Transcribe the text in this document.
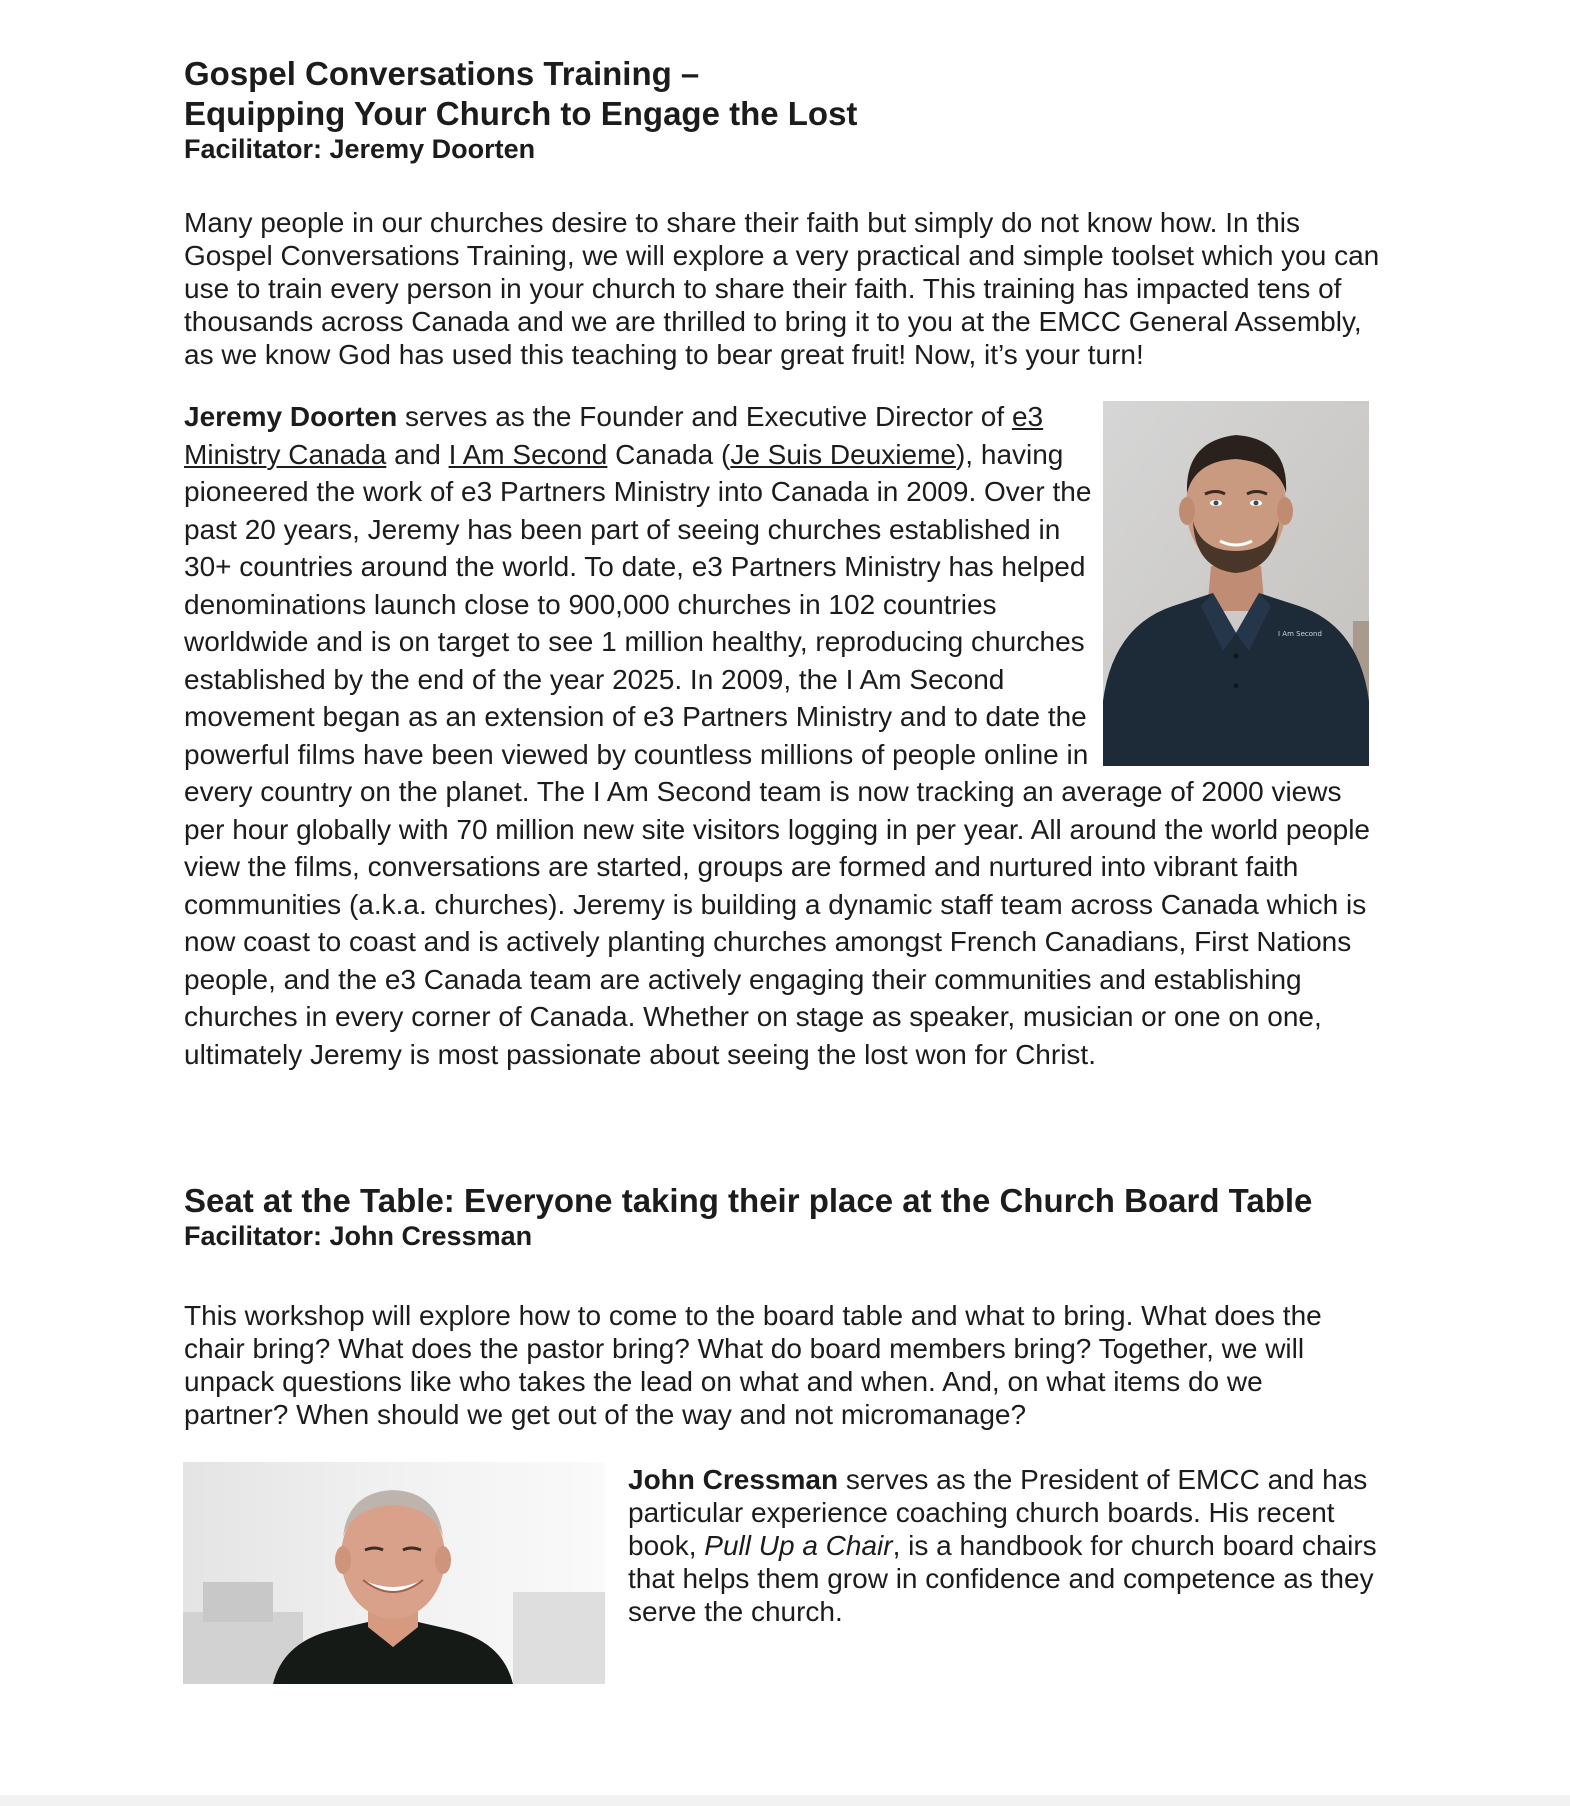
Gospel Conversations Training –
Equipping Your Church to Engage the Lost
Facilitator: Jeremy Doorten

Many people in our churches desire to share their faith but simply do not know how. In this Gospel Conversations Training, we will explore a very practical and simple toolset which you can use to train every person in your church to share their faith. This training has impacted tens of thousands across Canada and we are thrilled to bring it to you at the EMCC General Assembly, as we know God has used this teaching to bear great fruit! Now, it’s your turn!

I Am Second

Jeremy Doorten serves as the Founder and Executive Director of e3 Ministry Canada and I Am Second Canada (Je Suis Deuxieme), having pioneered the work of e3 Partners Ministry into Canada in 2009. Over the past 20 years, Jeremy has been part of seeing churches established in 30+ countries around the world. To date, e3 Partners Ministry has helped denominations launch close to 900,000 churches in 102 countries worldwide and is on target to see 1 million healthy, reproducing churches established by the end of the year 2025. In 2009, the I Am Second movement began as an extension of e3 Partners Ministry and to date the powerful films have been viewed by countless millions of people online in every country on the planet. The I Am Second team is now tracking an average of 2000 views per hour globally with 70 million new site visitors logging in per year. All around the world people view the films, conversations are started, groups are formed and nurtured into vibrant faith communities (a.k.a. churches). Jeremy is building a dynamic staff team across Canada which is now coast to coast and is actively planting churches amongst French Canadians, First Nations people, and the e3 Canada team are actively engaging their communities and establishing churches in every corner of Canada. Whether on stage as speaker, musician or one on one, ultimately Jeremy is most passionate about seeing the lost won for Christ.

Seat at the Table: Everyone taking their place at the Church Board Table
Facilitator: John Cressman

This workshop will explore how to come to the board table and what to bring. What does the chair bring? What does the pastor bring? What do board members bring? Together, we will unpack questions like who takes the lead on what and when. And, on what items do we partner? When should we get out of the way and not micromanage?

John Cressman serves as the President of EMCC and has particular experience coaching church boards. His recent book, Pull Up a Chair, is a handbook for church board chairs that helps them grow in confidence and competence as they serve the church.
